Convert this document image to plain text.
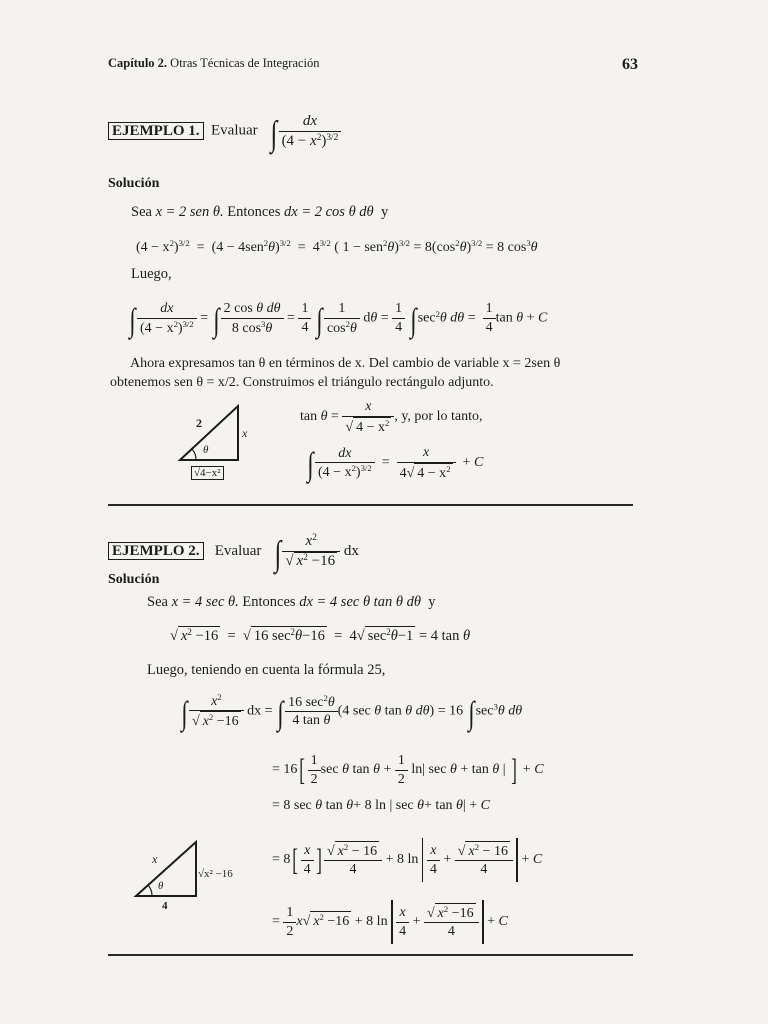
Capítulo 2. Otras Técnicas de Integración	63
EJEMPLO 1. Evaluar ∫ $\frac{dx}{(4 - x^2)^{3/2}}$
Solución
Sea x = 2 sen θ. Entonces dx = 2 cos θ dθ y
$(4 - x^2)^{3/2} = (4 - 4sen^2\theta)^{3/2} = 4^{3/2}$ ( $1 - sen^2\theta)^{3/2} = 8(\cos^2\theta)^{3/2} = 8$ $\cos^3\theta$
Luego,
∫ $\frac{dx}{(4 - x^2)^{3/2}}$ = ∫ $\frac{\text{2 cos θ dθ}}{8 \cos^3\theta} = \frac{1}{4}$ ∫ $\frac{1}{\cos^2\theta}$ $d\theta = \frac{1}{4} \int\sec^2\theta$ $d\theta = \frac{1}{4}$ tan θ + C
Ahora expresamos tan θ en términos de x. Del cambio de variable x = 2sen θ
obtenemos sen θ = x/2. Construimos el triángulo rectángulo adjunto.
2
x
θ
√4−x²
$\tan \theta = \frac{x}{√ 4 - x^2}$ , y, por lo tanto,
∫ $\frac{dx}{(4 - x^2)^{3/2}} = \frac{x}{4√ 4 - x^2} + C$
EJEMPLO 2. Evaluar ∫ $\frac{x^2}{√ x^2 -16}$ dx
Solución
Sea x = 4 sec θ. Entonces dx = 4 sec θ tan θ dθ y
√ $x^2 -16$  =  √ 16 $\sec^2\theta-16 = 4√$ $\sec^2\theta-1 = 4$ tan θ
Luego, teniendo en cuenta la fórmula 25,
∫ $\frac{x^2}{√ x^2 -16}$ dx = ∫ $\frac{16 \sec^2\theta}{\text{4 tan θ}} (4$ sec θ tan θ dθ) = 16 $\int\sec^3\theta$ dθ
= $16[ \frac{1}{2}$ sec θ $\tan \theta + \frac{1}{2} \ln|$ sec θ + tan θ | ] + C
= 8 sec θ tan θ+ 8 ln | sec θ+ tan θ| + C
= $8[ \frac{x}{4}$ ] $\frac{√ x^2 - 16}{4} + 8$ $\ln \frac{x}{4} + \frac{√ x^2 - 16}{4} + C$
x
√x² −16
θ
4
= $\frac{1}{2} x√$ $x^2 -16 + 8$ $\ln \frac{x}{4} + \frac{√ x^2 -16}{4} + C$
